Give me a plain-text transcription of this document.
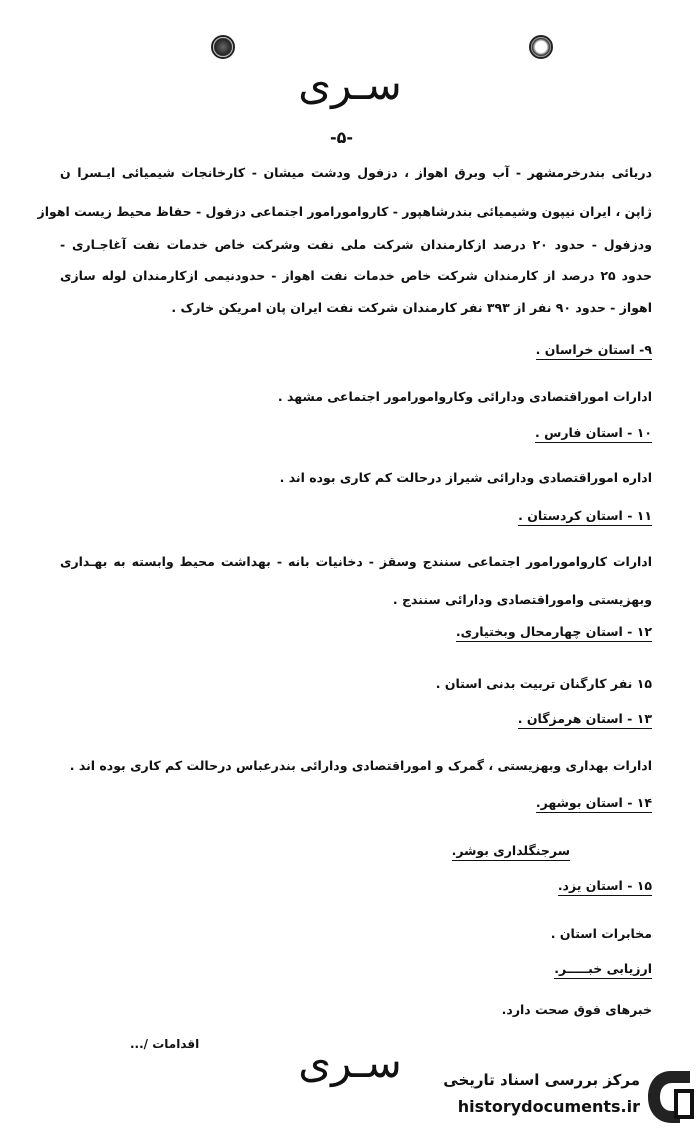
سـری
-۵-
دریائی بندرخرمشهر - آب وبرق اهواز ، دزفول ودشت میشان - کارخانجات شیمیائی ایـسرا ن
ژاپن ، ایران نیپون وشیمیائی بندرشاهپور - کاروامورامور اجتماعی دزفول - حفاظ محیط زیست اهواز
ودزفول - حدود ۲۰ درصد ازکارمندان شرکت ملی نفت وشرکت خاص خدمات نفت آغاجـاری -
حدود ۲۵ درصد از کارمندان شرکت خاص خدمات نفت اهواز - حدودنیمی ازکارمندان لوله سازی
اهواز - حدود ۹۰ نفر از ۳۹۳ نفر کارمندان شرکت نفت ایران پان امریکن خارک .
۹- استان خراسان .
ادارات اموراقتصادی ودارائی وکاروامورامور اجتماعی مشهد .
۱۰ - استان فارس .
اداره اموراقتصادی ودارائی شیراز درحالت کم کاری بوده اند .
۱۱ - استان کردستان .
ادارات کاروامورامور اجتماعی سنندج وسقز - دخانیات بانه - بهداشت محیط وابسته به بهـداری
وبهزیستی واموراقتصادی ودارائی سنندج .
۱۲ - استان چهارمحال وبختیاری.
۱۵ نفر کارگنان تربیت بدنی استان .
۱۳ - استان هرمزگان .
ادارات بهداری وبهزیستی ، گمرک و اموراقتصادی ودارائی بندرعباس درحالت کم کاری بوده اند .
۱۴ - استان بوشهر.
سرجنگلداری بوشر.
۱۵ - استان یزد.
مخابرات استان .
ارزیابی خبـــــر.
خبرهای فوق صحت دارد.
اقدامات /...	سـری	مرکز بررسی اسناد تاریخی
historydocuments.ir
